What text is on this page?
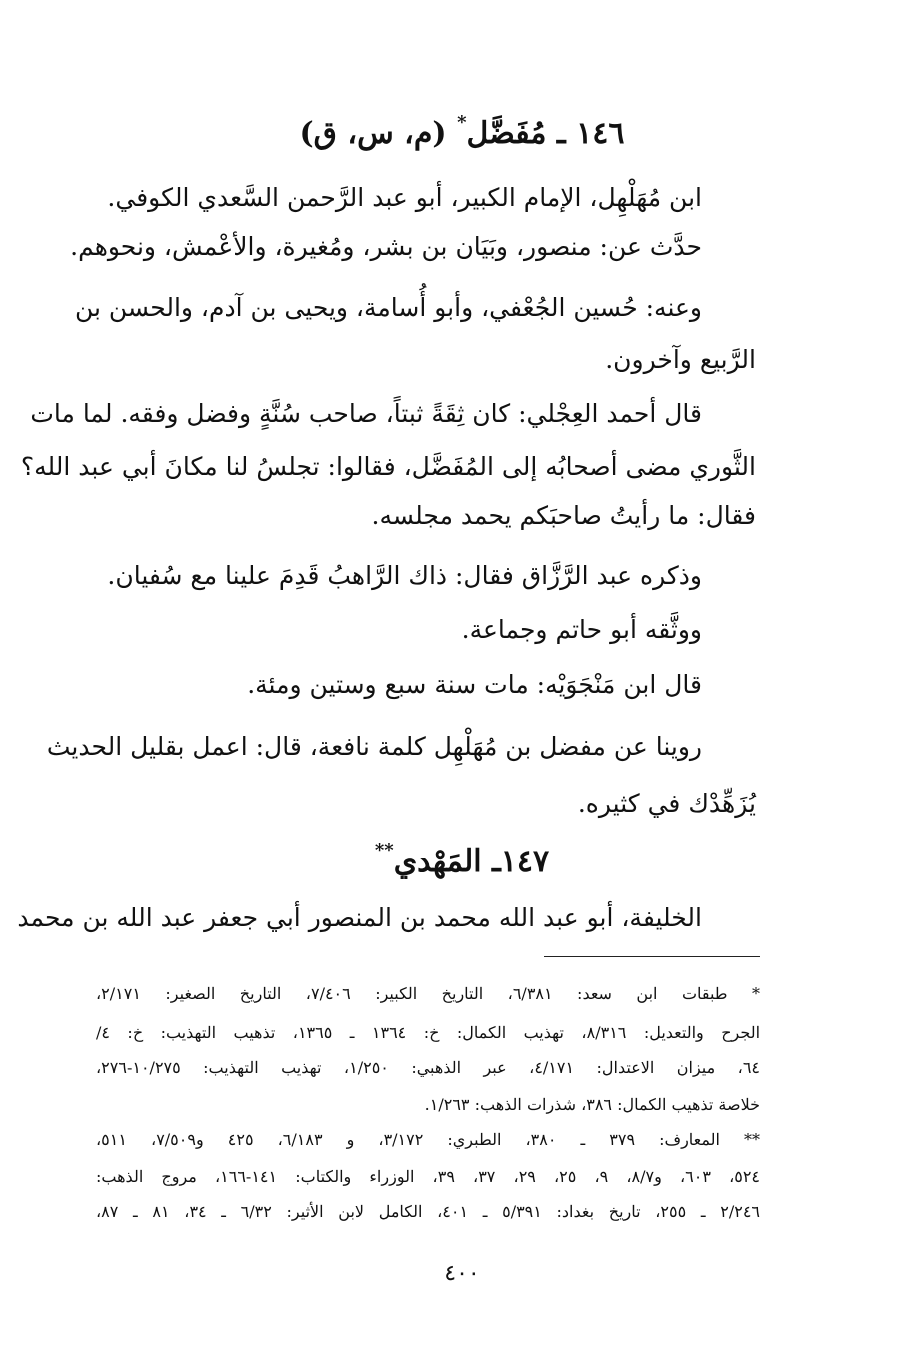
١٤٦ ـ مُفَضَّل* (م، س، ق)
ابن مُهَلْهِل، الإمام الكبير، أبو عبد الرَّحمن السَّعدي الكوفي.
حدَّث عن: منصور، وبَيَان بن بشر، ومُغيرة، والأعْمش، ونحوهم.
وعنه: حُسين الجُعْفي، وأبو أُسامة، ويحيى بن آدم، والحسن بن
الرَّبيع وآخرون.
قال أحمد العِجْلي: كان ثِقَةً ثبتاً، صاحب سُنَّةٍ وفضل وفقه. لما مات
الثَّوري مضى أصحابُه إلى المُفَضَّل، فقالوا: تجلسُ لنا مكانَ أبي عبد الله؟
فقال: ما رأيتُ صاحبَكم يحمد مجلسه.
وذكره عبد الرَّزَّاق فقال: ذاك الرَّاهبُ قَدِمَ علينا مع سُفيان.
ووثَّقه أبو حاتم وجماعة.
قال ابن مَنْجَوَيْه: مات سنة سبع وستين ومئة.
روينا عن مفضل بن مُهَلْهِل كلمة نافعة، قال: اعمل بقليل الحديث
يُزَهِّدْك في كثيره.
١٤٧ـ المَهْدي**
الخليفة، أبو عبد الله محمد بن المنصور أبي جعفر عبد الله بن محمد
* طبقات ابن سعد: ٦/٣٨١، التاريخ الكبير: ٧/٤٠٦، التاريخ الصغير: ٢/١٧١،
الجرح والتعديل: ٨/٣١٦، تهذيب الكمال: خ: ١٣٦٤ ـ ١٣٦٥، تذهيب التهذيب: خ: ٤/
٦٤، ميزان الاعتدال: ٤/١٧١، عبر الذهبي: ١/٢٥٠، تهذيب التهذيب: ١٠/٢٧٥-٢٧٦،
خلاصة تذهيب الكمال: ٣٨٦، شذرات الذهب: ١/٢٦٣.
** المعارف: ٣٧٩ ـ ٣٨٠، الطبري: ٣/١٧٢، و ٦/١٨٣، ٤٢٥ و٧/٥٠٩، ٥١١،
٥٢٤، ٦٠٣، و٨/٧، ٩، ٢٥، ٢٩، ٣٧، ٣٩، الوزراء والكتاب: ١٤١-١٦٦، مروج الذهب:
٢/٢٤٦ ـ ٢٥٥، تاريخ بغداد: ٥/٣٩١ ـ ٤٠١، الكامل لابن الأثير: ٦/٣٢ ـ ٣٤، ٨١ ـ ٨٧،
٤٠٠
